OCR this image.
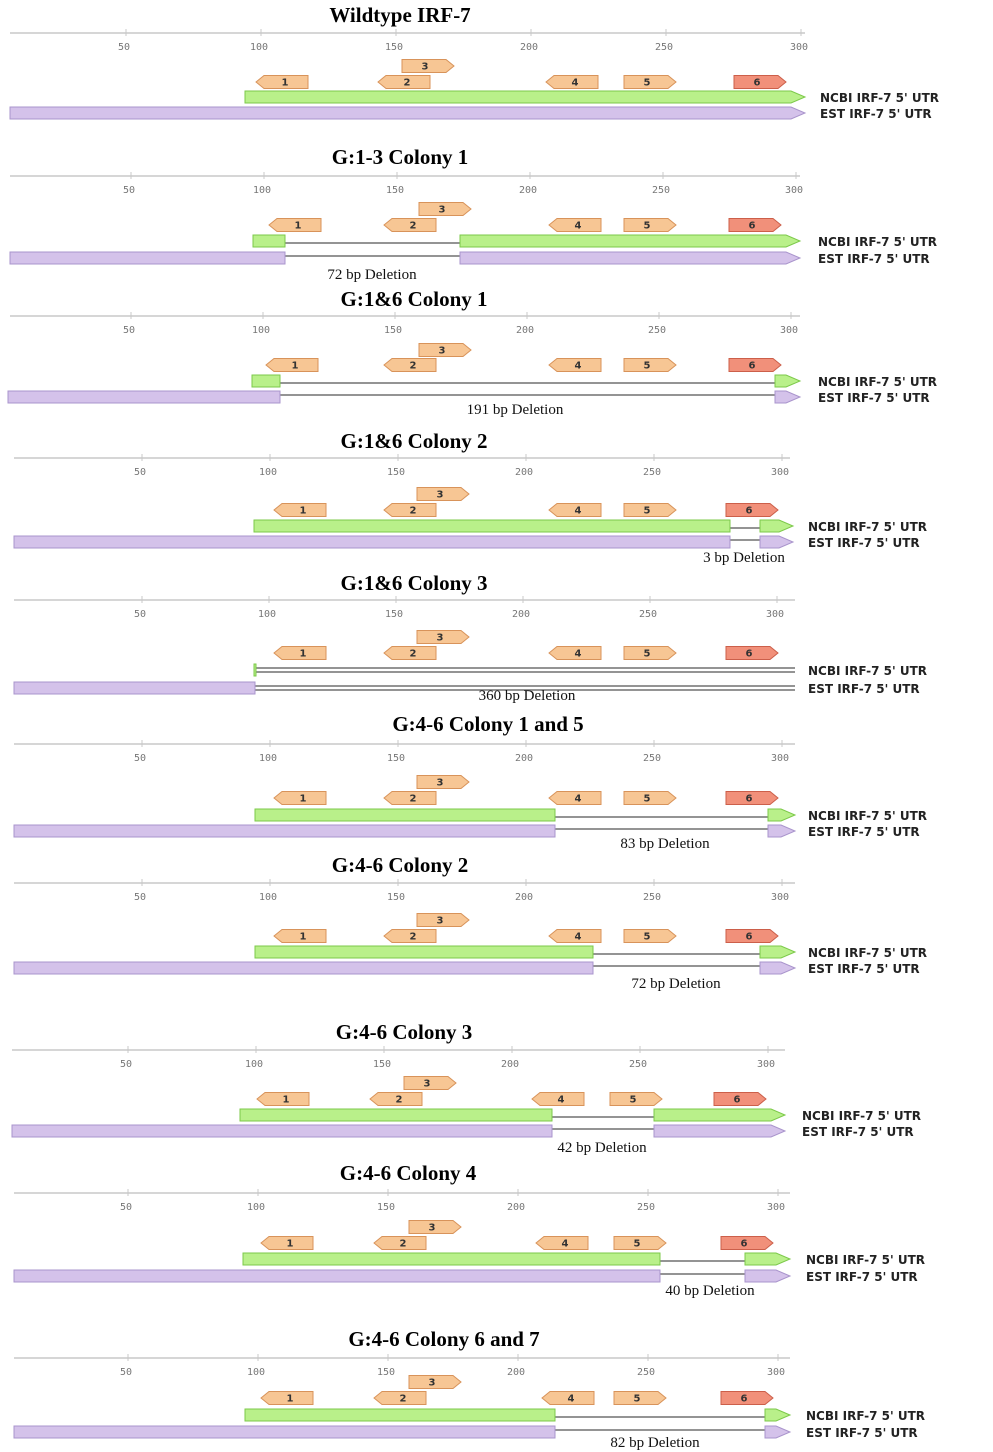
Wildtype IRF-7
50	100	150	200	250	300
1	2
3
4	5	6
NCBI IRF-7 5' UTR
EST IRF-7 5' UTR
G:1-3 Colony 1
50	100	150	200	250	300
1	2
3
4	5	6
NCBI IRF-7 5' UTR
EST IRF-7 5' UTR
72 bp Deletion
G:1&6 Colony 1
50	100	150	200	250	300
1	2
3
4	5	6
NCBI IRF-7 5' UTR
EST IRF-7 5' UTR
191 bp Deletion
G:1&6 Colony 2
50	100	150	200	250	300
1	2
3
4	5	6
NCBI IRF-7 5' UTR
EST IRF-7 5' UTR
3 bp Deletion
G:1&6 Colony 3
50	100	150	200	250	300
1	2
3
4	5	6
NCBI IRF-7 5' UTR
EST IRF-7 5' UTR
360 bp Deletion
G:4-6 Colony 1 and 5
50	100	150	200	250	300
1	2
3
4	5	6
NCBI IRF-7 5' UTR
EST IRF-7 5' UTR
83 bp Deletion
G:4-6 Colony 2
50	100	150	200	250	300
1	2
3
4	5	6
NCBI IRF-7 5' UTR
EST IRF-7 5' UTR
72 bp Deletion
G:4-6 Colony 3
50	100	150	200	250	300
1	2
3
4	5	6
NCBI IRF-7 5' UTR
EST IRF-7 5' UTR
42 bp Deletion
G:4-6 Colony 4
50	100	150	200	250	300
1	2
3
4	5	6
NCBI IRF-7 5' UTR
EST IRF-7 5' UTR
40 bp Deletion
G:4-6 Colony 6 and 7
50	100	150	200	250	300
1	2
3
4	5	6
NCBI IRF-7 5' UTR
EST IRF-7 5' UTR
82 bp Deletion
